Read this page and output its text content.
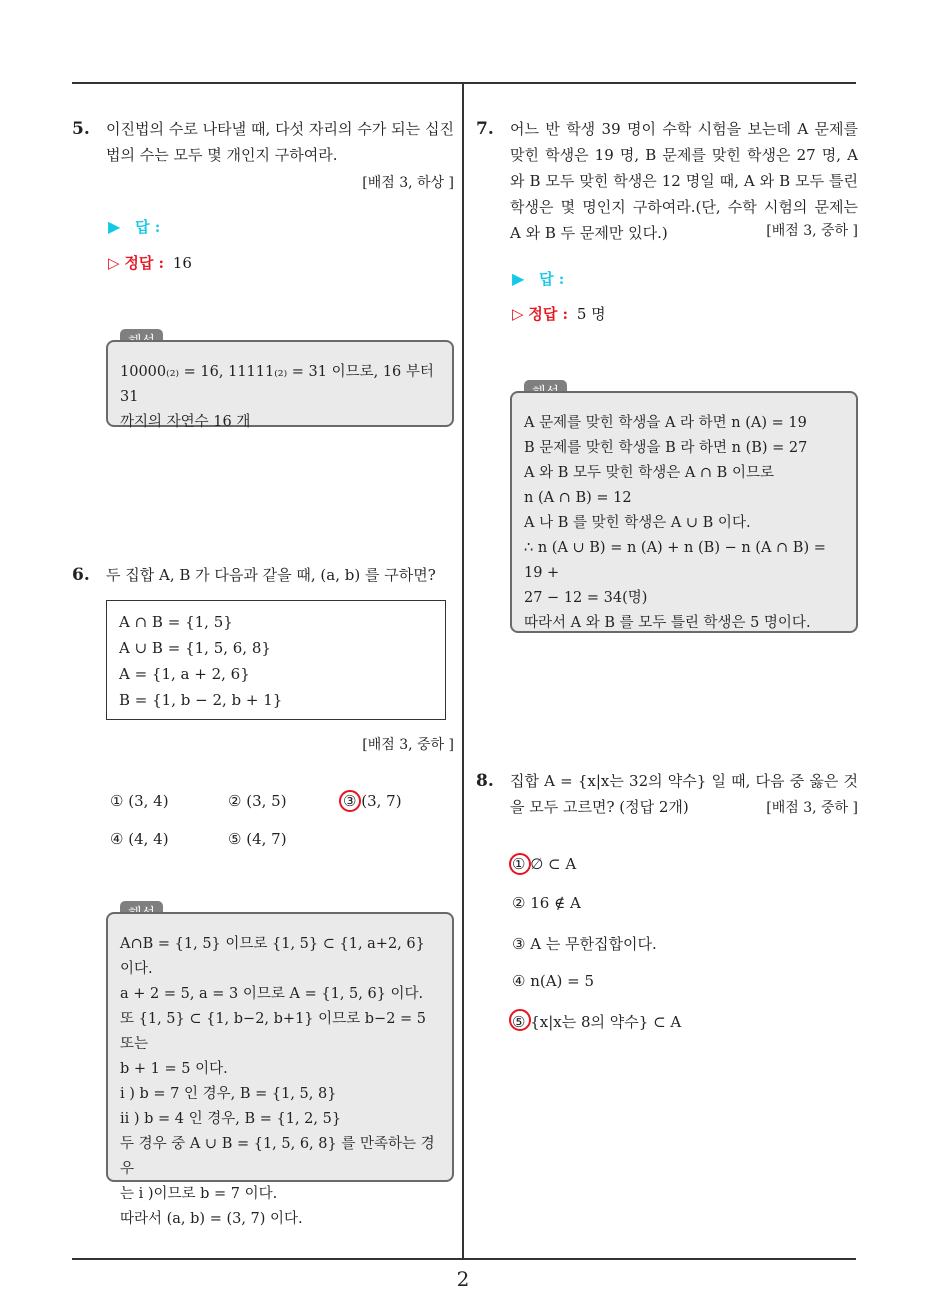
5. 이진법의 수로 나타낼 때, 다섯 자리의 수가 되는 십진법의 수는 모두 몇 개인지 구하여라.
[배점 3, 하상 ]
▶ 답 :
▷ 정답 : 16
10000₍₂₎ = 16, 11111₍₂₎ = 31 이므로, 16 부터 31
까지의 자연수 16 개
6. 두 집합 A, B 가 다음과 같을 때, (a, b) 를 구하면?
A ∩ B = {1, 5}
A ∪ B = {1, 5, 6, 8}
A = {1, a + 2, 6}
B = {1, b − 2, b + 1}
[배점 3, 중하 ]
① (3, 4)	② (3, 5)	③ (3, 7)
④ (4, 4)	⑤ (4, 7)
A∩B = {1, 5} 이므로 {1, 5} ⊂ {1, a+2, 6} 이다.
a + 2 = 5, a = 3 이므로 A = {1, 5, 6} 이다.
또 {1, 5} ⊂ {1, b−2, b+1} 이므로 b−2 = 5 또는
b + 1 = 5 이다.
i ) b = 7 인 경우, B = {1, 5, 8}
ii ) b = 4 인 경우, B = {1, 2, 5}
두 경우 중 A ∪ B = {1, 5, 6, 8} 를 만족하는 경우
는 i )이므로 b = 7 이다.
따라서 (a, b) = (3, 7) 이다.
7. 어느 반 학생 39 명이 수학 시험을 보는데 A 문제를 맞힌 학생은 19 명, B 문제를 맞힌 학생은 27 명, A 와 B 모두 맞힌 학생은 12 명일 때, A 와 B 모두 틀린 학생은 몇 명인지 구하여라.(단, 수학 시험의 문제는 A 와 B 두 문제만 있다.)	[배점 3, 중하 ]
▶ 답 :
▷ 정답 : 5 명
A 문제를 맞힌 학생을 A 라 하면 n (A) = 19
B 문제를 맞힌 학생을 B 라 하면 n (B) = 27
A 와 B 모두 맞힌 학생은 A ∩ B 이므로
n (A ∩ B) = 12
A 나 B 를 맞힌 학생은 A ∪ B 이다.
∴ n (A ∪ B) = n (A) + n (B) − n (A ∩ B) = 19 +
27 − 12 = 34(명)
따라서 A 와 B 를 모두 틀린 학생은 5 명이다.
8. 집합 A = {x|x는 32의 약수} 일 때, 다음 중 옳은 것을 모두 고르면? (정답 2개)	[배점 3, 중하 ]
① ∅ ⊂ A
② 16 ∉ A
③ A 는 무한집합이다.
④ n(A) = 5
⑤ {x|x는 8의 약수} ⊂ A
2
